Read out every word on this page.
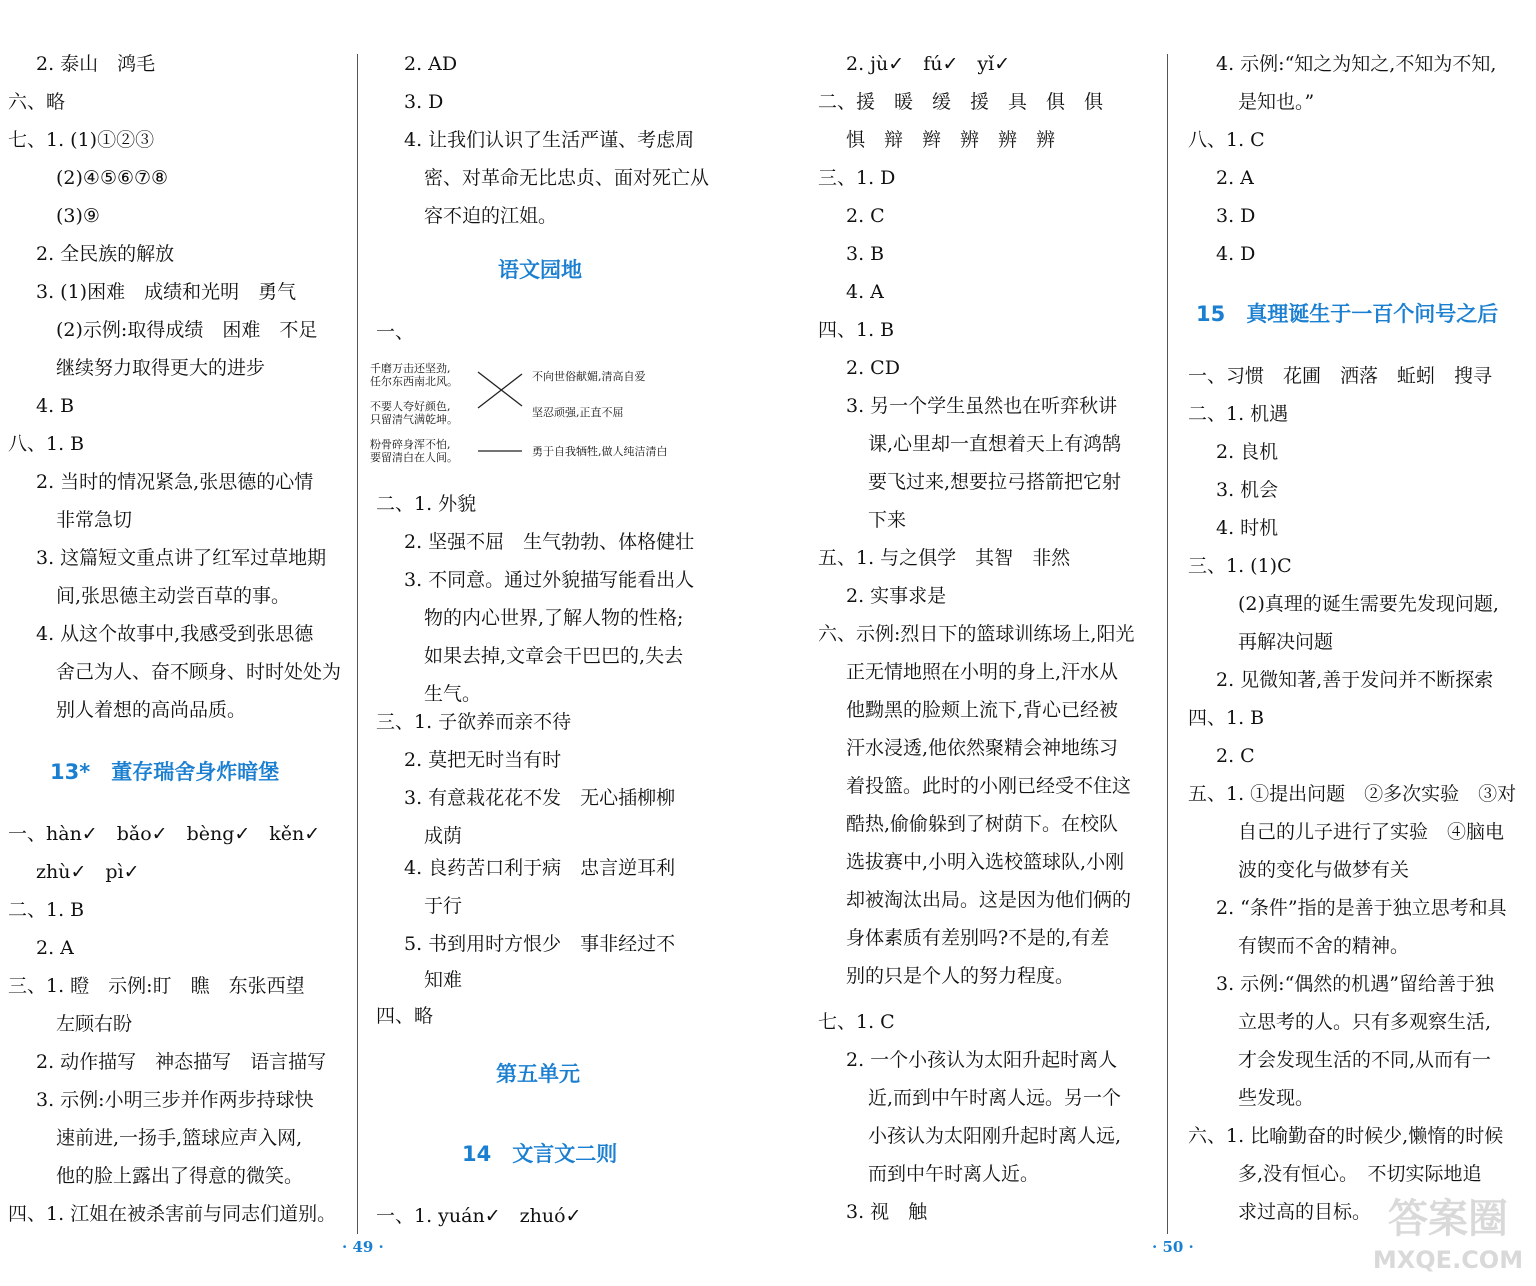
2. 泰山　鸿毛
六、略
七、1. (1)①②③
(2)④⑤⑥⑦⑧
(3)⑨
2. 全民族的解放
3. (1)困难　成绩和光明　勇气
(2)示例:取得成绩　困难　不足
继续努力取得更大的进步
4. B
八、1. B
2. 当时的情况紧急,张思德的心情
非常急切
3. 这篇短文重点讲了红军过草地期
间,张思德主动尝百草的事。
4. 从这个故事中,我感受到张思德
舍己为人、奋不顾身、时时处处为
别人着想的高尚品质。
13*　董存瑞舍身炸暗堡
一、hàn✓　bǎo✓　bèng✓　kěn✓
zhù✓　pì✓
二、1. B
2. A
三、1. 瞪　示例:盯　瞧　东张西望
左顾右盼
2. 动作描写　神态描写　语言描写
3. 示例:小明三步并作两步持球快
速前进,一扬手,篮球应声入网,
他的脸上露出了得意的微笑。
四、1. 江姐在被杀害前与同志们道别。
2. AD
3. D
4. 让我们认识了生活严谨、考虑周
密、对革命无比忠贞、面对死亡从
容不迫的江姐。
语文园地
一、
二、1. 外貌
2. 坚强不屈　生气勃勃、体格健壮
3. 不同意。通过外貌描写能看出人
物的内心世界,了解人物的性格;
如果去掉,文章会干巴巴的,失去
生气。
三、1. 子欲养而亲不待
2. 莫把无时当有时
3. 有意栽花花不发　无心插柳柳
成荫
4. 良药苦口利于病　忠言逆耳利
于行
5. 书到用时方恨少　事非经过不
知难
四、略
第五单元
14　文言文二则
一、1. yuán✓　zhuó✓
2. jù✓　fú✓　yǐ✓
二、援　暖　缓　援　具　俱　俱
惧　辩　辫　辨　辨　辨
三、1. D
2. C
3. B
4. A
四、1. B
2. CD
3. 另一个学生虽然也在听弈秋讲
课,心里却一直想着天上有鸿鹄
要飞过来,想要拉弓搭箭把它射
下来
五、1. 与之俱学　其智　非然
2. 实事求是
六、示例:烈日下的篮球训练场上,阳光
正无情地照在小明的身上,汗水从
他黝黑的脸颊上流下,背心已经被
汗水浸透,他依然聚精会神地练习
着投篮。此时的小刚已经受不住这
酷热,偷偷躲到了树荫下。在校队
选拔赛中,小明入选校篮球队,小刚
却被淘汰出局。这是因为他们俩的
身体素质有差别吗?不是的,有差
别的只是个人的努力程度。
七、1. C
2. 一个小孩认为太阳升起时离人
近,而到中午时离人远。另一个
小孩认为太阳刚升起时离人远,
而到中午时离人近。
3. 视　触
4. 示例:“知之为知之,不知为不知,
是知也。”
八、1. C
2. A
3. D
4. D
15　真理诞生于一百个问号之后
一、习惯　花圃　洒落　蚯蚓　搜寻
二、1. 机遇
2. 良机
3. 机会
4. 时机
三、1. (1)C
(2)真理的诞生需要先发现问题,
再解决问题
2. 见微知著,善于发问并不断探索
四、1. B
2. C
五、1. ①提出问题　②多次实验　③对
自己的儿子进行了实验　④脑电
波的变化与做梦有关
2. “条件”指的是善于独立思考和具
有锲而不舍的精神。
3. 示例:“偶然的机遇”留给善于独
立思考的人。只有多观察生活,
才会发现生活的不同,从而有一
些发现。
六、1. 比喻勤奋的时候少,懒惰的时候
多,没有恒心。　不切实际地追
求过高的目标。
千磨万击还坚劲,
任尔东西南北风。
不要人夸好颜色,
只留清气满乾坤。
粉骨碎身浑不怕,
要留清白在人间。
不向世俗献媚,清高自爱
坚忍顽强,正直不屈
勇于自我牺牲,做人纯洁清白
· 49 ·	· 50 ·
答案圈
MXQE.COM
